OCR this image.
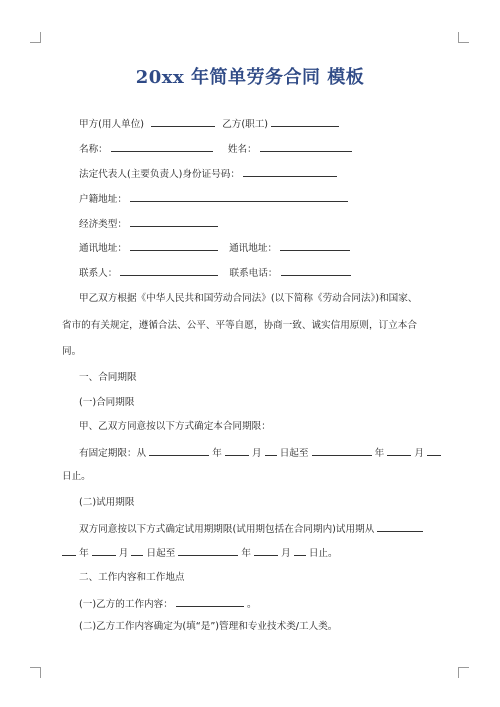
20xx 年简单劳务合同 模板
甲方(用人单位)	乙方(职工)
名称：	姓名：
法定代表人(主要负责人)身份证号码：
户籍地址：
经济类型：
通讯地址：	通讯地址：
联系人：	联系电话：
甲乙双方根据《中华人民共和国劳动合同法》(以下简称《劳动合同法》)和国家、
省市的有关规定，遵循合法、公平、平等自愿，协商一致、诚实信用原则，订立本合
同。
一、合同期限
(一)合同期限
甲、乙双方同意按以下方式确定本合同期限：
有固定期限：从	年	月 日起至	年	月
日止。
(二)试用期限
双方同意按以下方式确定试用期期限(试用期包括在合同期内)试用期从
年	月 日起至	年	月 日止。
二、工作内容和工作地点
(一)乙方的工作内容：	。
(二)乙方工作内容确定为(填“是”)管理和专业技术类/工人类。
